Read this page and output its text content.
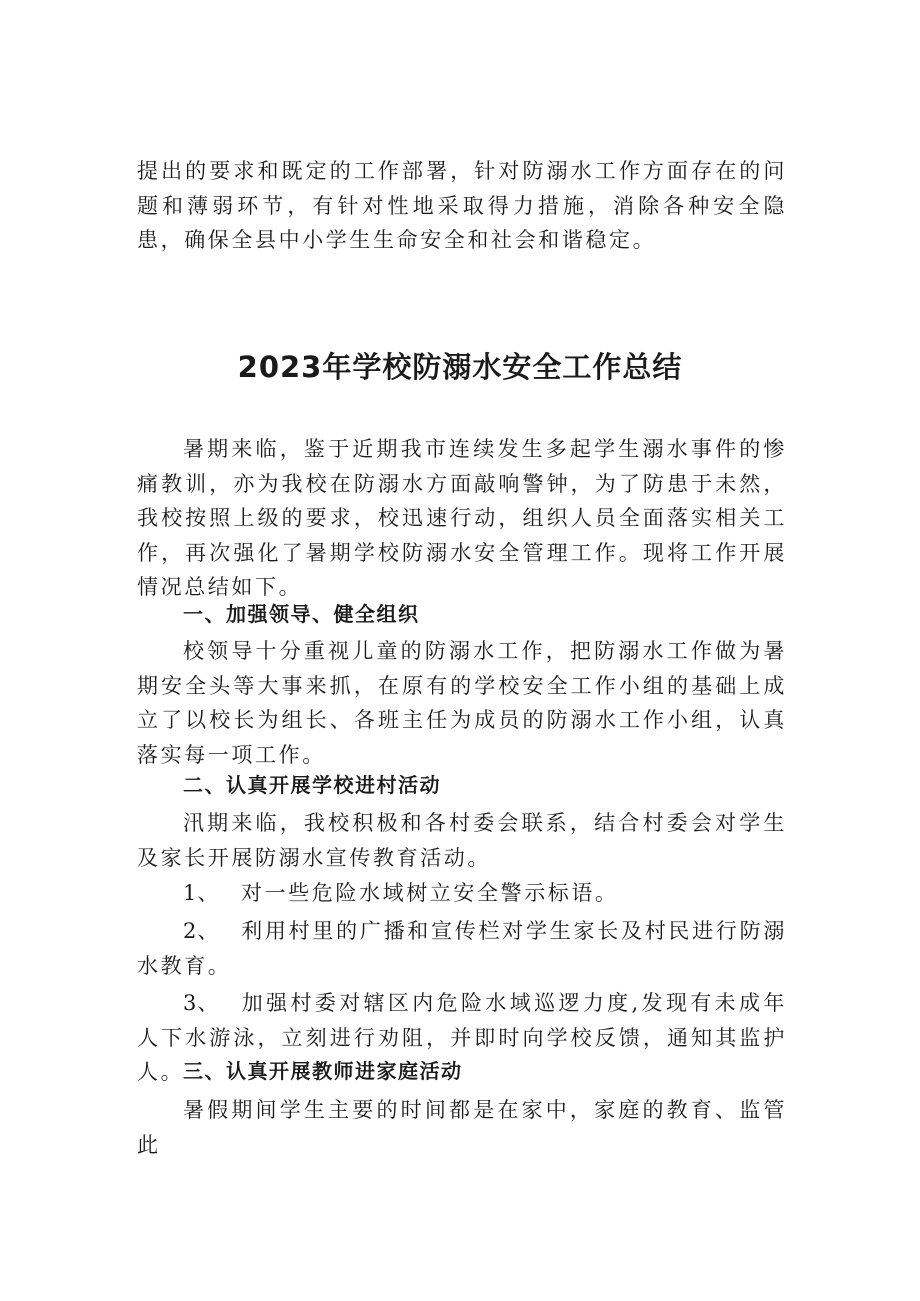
提出的要求和既定的工作部署，针对防溺水工作方面存在的问题和薄弱环节，有针对性地采取得力措施，消除各种安全隐患，确保全县中小学生生命安全和社会和谐稳定。

2023年学校防溺水安全工作总结

暑期来临，鉴于近期我市连续发生多起学生溺水事件的惨痛教训，亦为我校在防溺水方面敲响警钟，为了防患于未然，我校按照上级的要求，校迅速行动，组织人员全面落实相关工作，再次强化了暑期学校防溺水安全管理工作。现将工作开展情况总结如下。

一、加强领导、健全组织

校领导十分重视儿童的防溺水工作，把防溺水工作做为暑期安全头等大事来抓，在原有的学校安全工作小组的基础上成立了以校长为组长、各班主任为成员的防溺水工作小组，认真落实每一项工作。

二、认真开展学校进村活动

汛期来临，我校积极和各村委会联系，结合村委会对学生及家长开展防溺水宣传教育活动。

1、 对一些危险水域树立安全警示标语。

2、 利用村里的广播和宣传栏对学生家长及村民进行防溺水教育。

3、 加强村委对辖区内危险水域巡逻力度,发现有未成年人下水游泳，立刻进行劝阻，并即时向学校反馈，通知其监护人。

三、认真开展教师进家庭活动

暑假期间学生主要的时间都是在家中，家庭的教育、监管此
